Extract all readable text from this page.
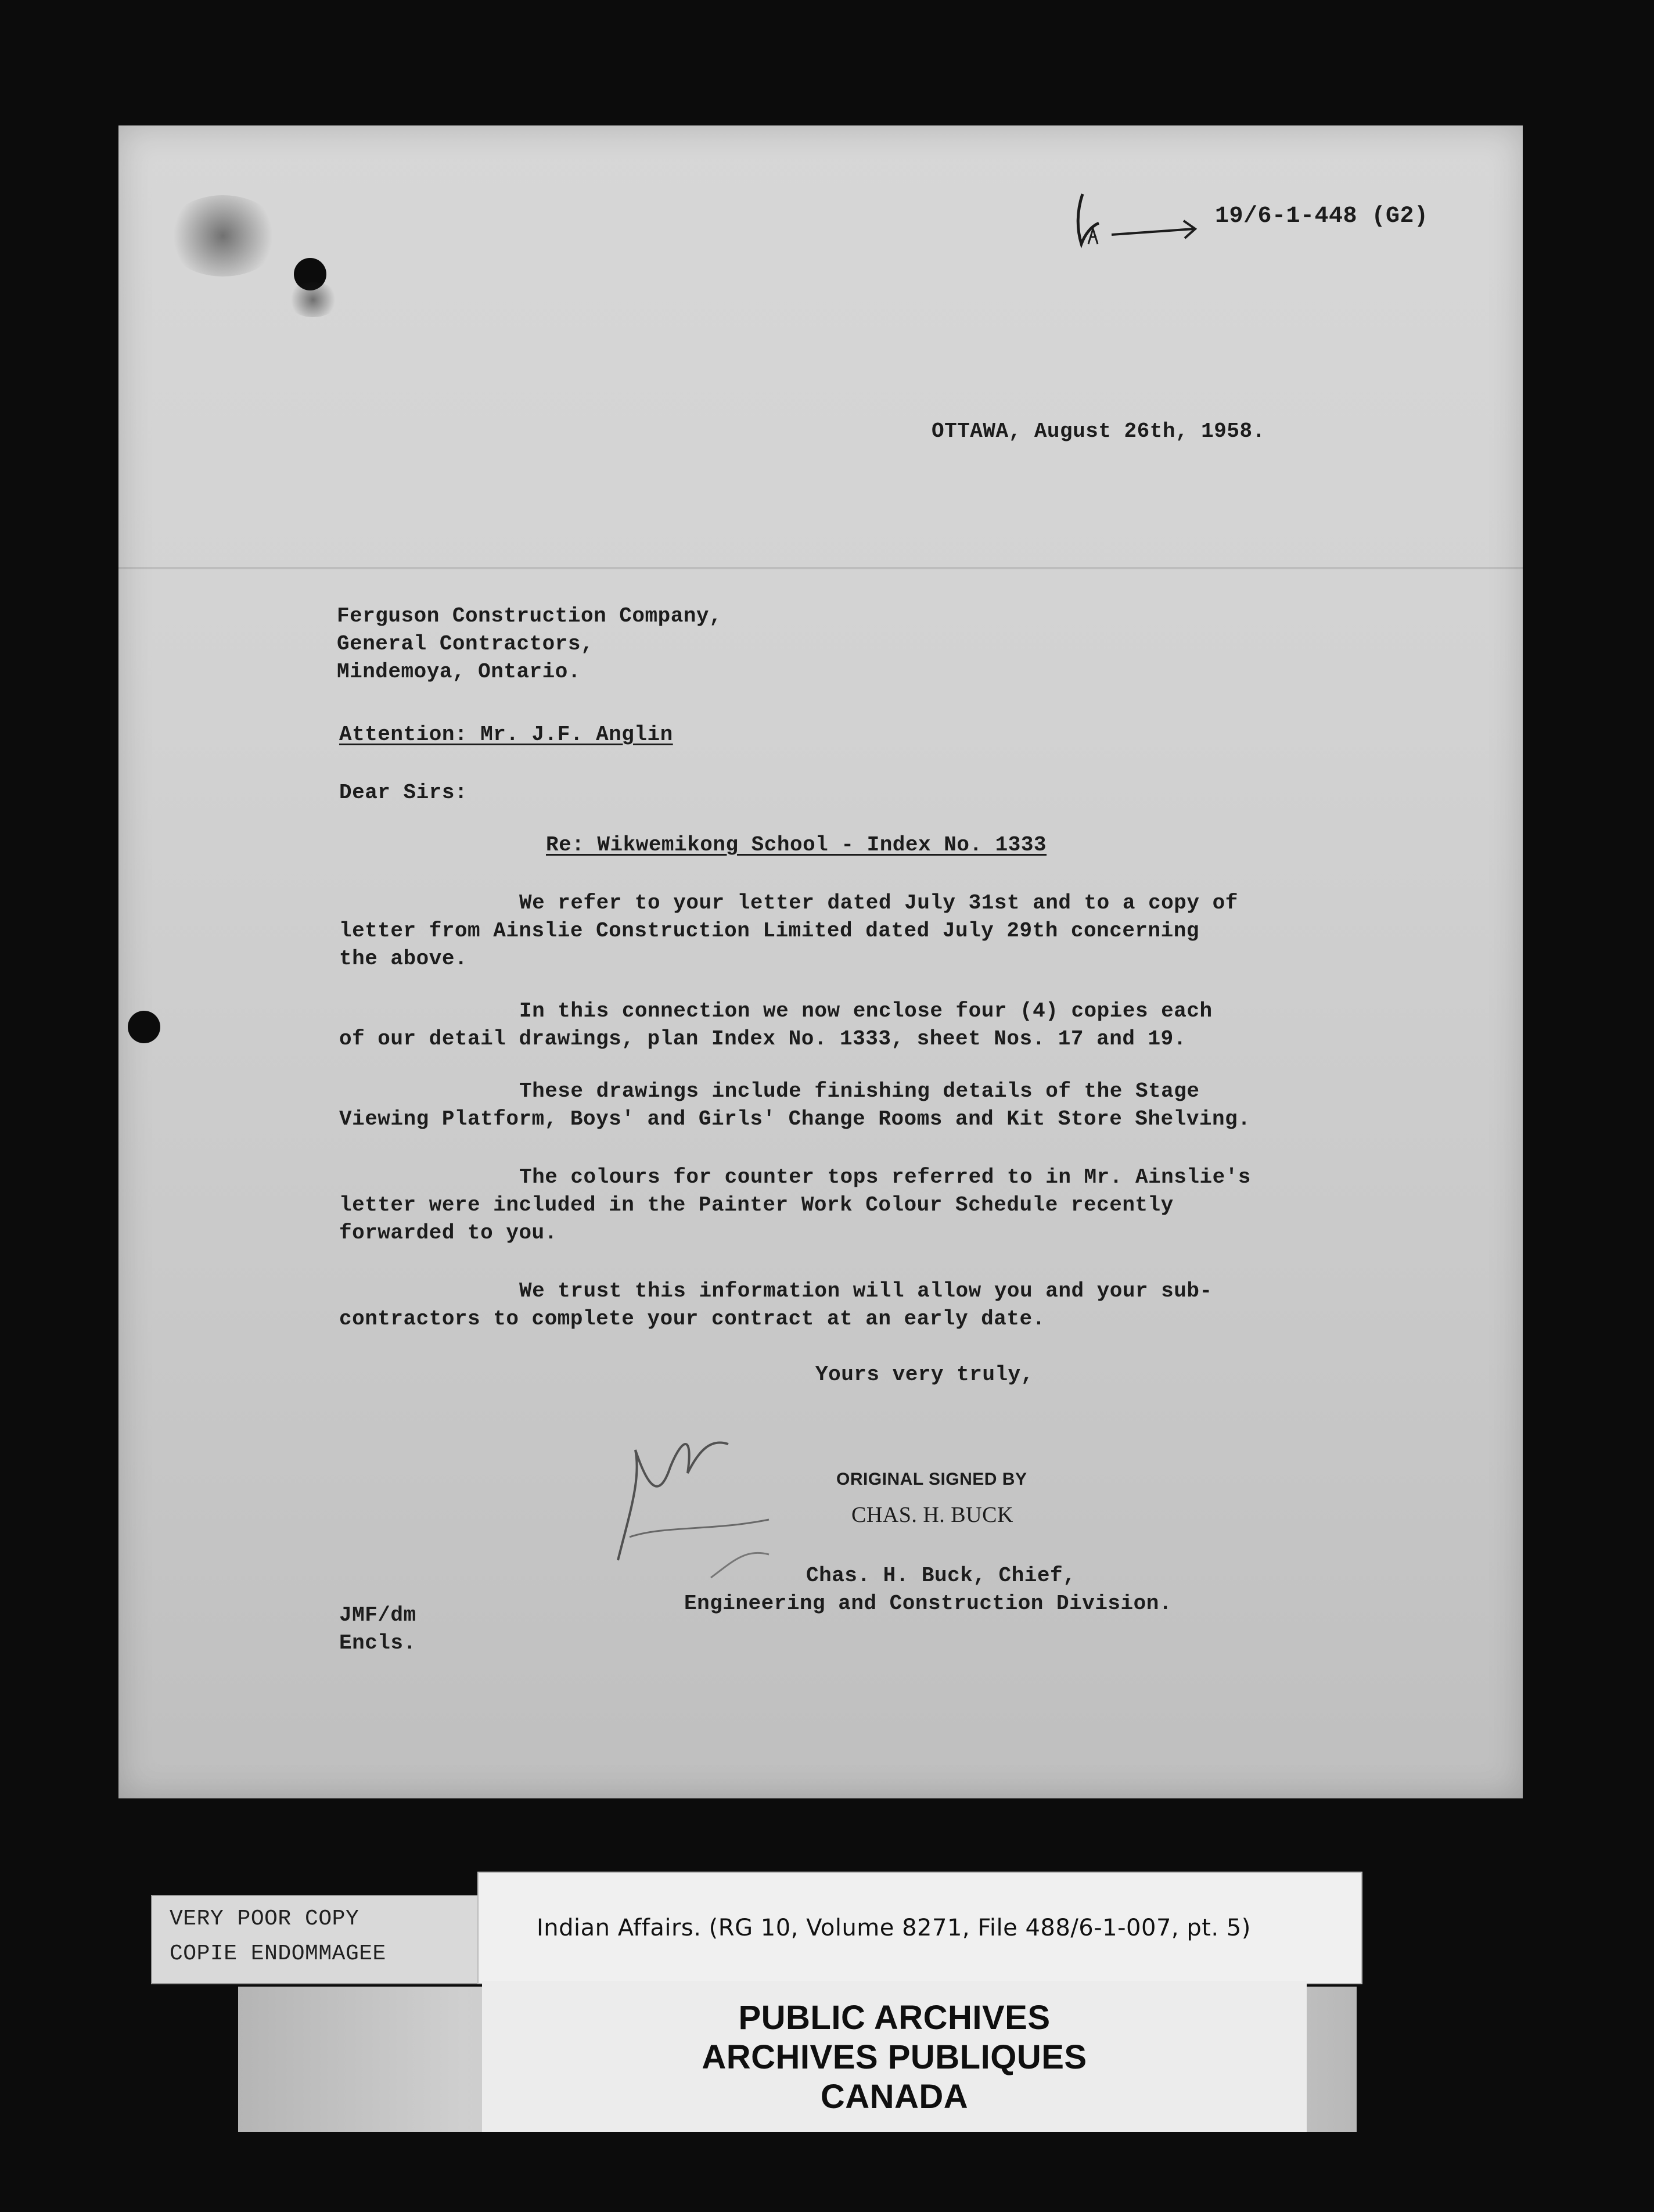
19/6-1-448 (G2)
OTTAWA, August 26th, 1958.
Ferguson Construction Company,
General Contractors,
Mindemoya, Ontario.
Attention: Mr. J.F. Anglin
Dear Sirs:
Re: Wikwemikong School - Index No. 1333
We refer to your letter dated July 31st and to a copy of
letter from Ainslie Construction Limited dated July 29th concerning
the above.
In this connection we now enclose four (4) copies each
of our detail drawings, plan Index No. 1333, sheet Nos. 17 and 19.
These drawings include finishing details of the Stage
Viewing Platform, Boys' and Girls' Change Rooms and Kit Store Shelving.
The colours for counter tops referred to in Mr. Ainslie's
letter were included in the Painter Work Colour Schedule recently
forwarded to you.
We trust this information will allow you and your sub-
contractors to complete your contract at an early date.
Yours very truly,
ORIGINAL SIGNED BY
CHAS. H. BUCK
Chas. H. Buck, Chief,
Engineering and Construction Division.
JMF/dm
Encls.
VERY POOR COPY
COPIE ENDOMMAGEE
Indian Affairs. (RG 10, Volume 8271, File 488/6-1-007, pt. 5)
PUBLIC ARCHIVES
ARCHIVES PUBLIQUES
CANADA
